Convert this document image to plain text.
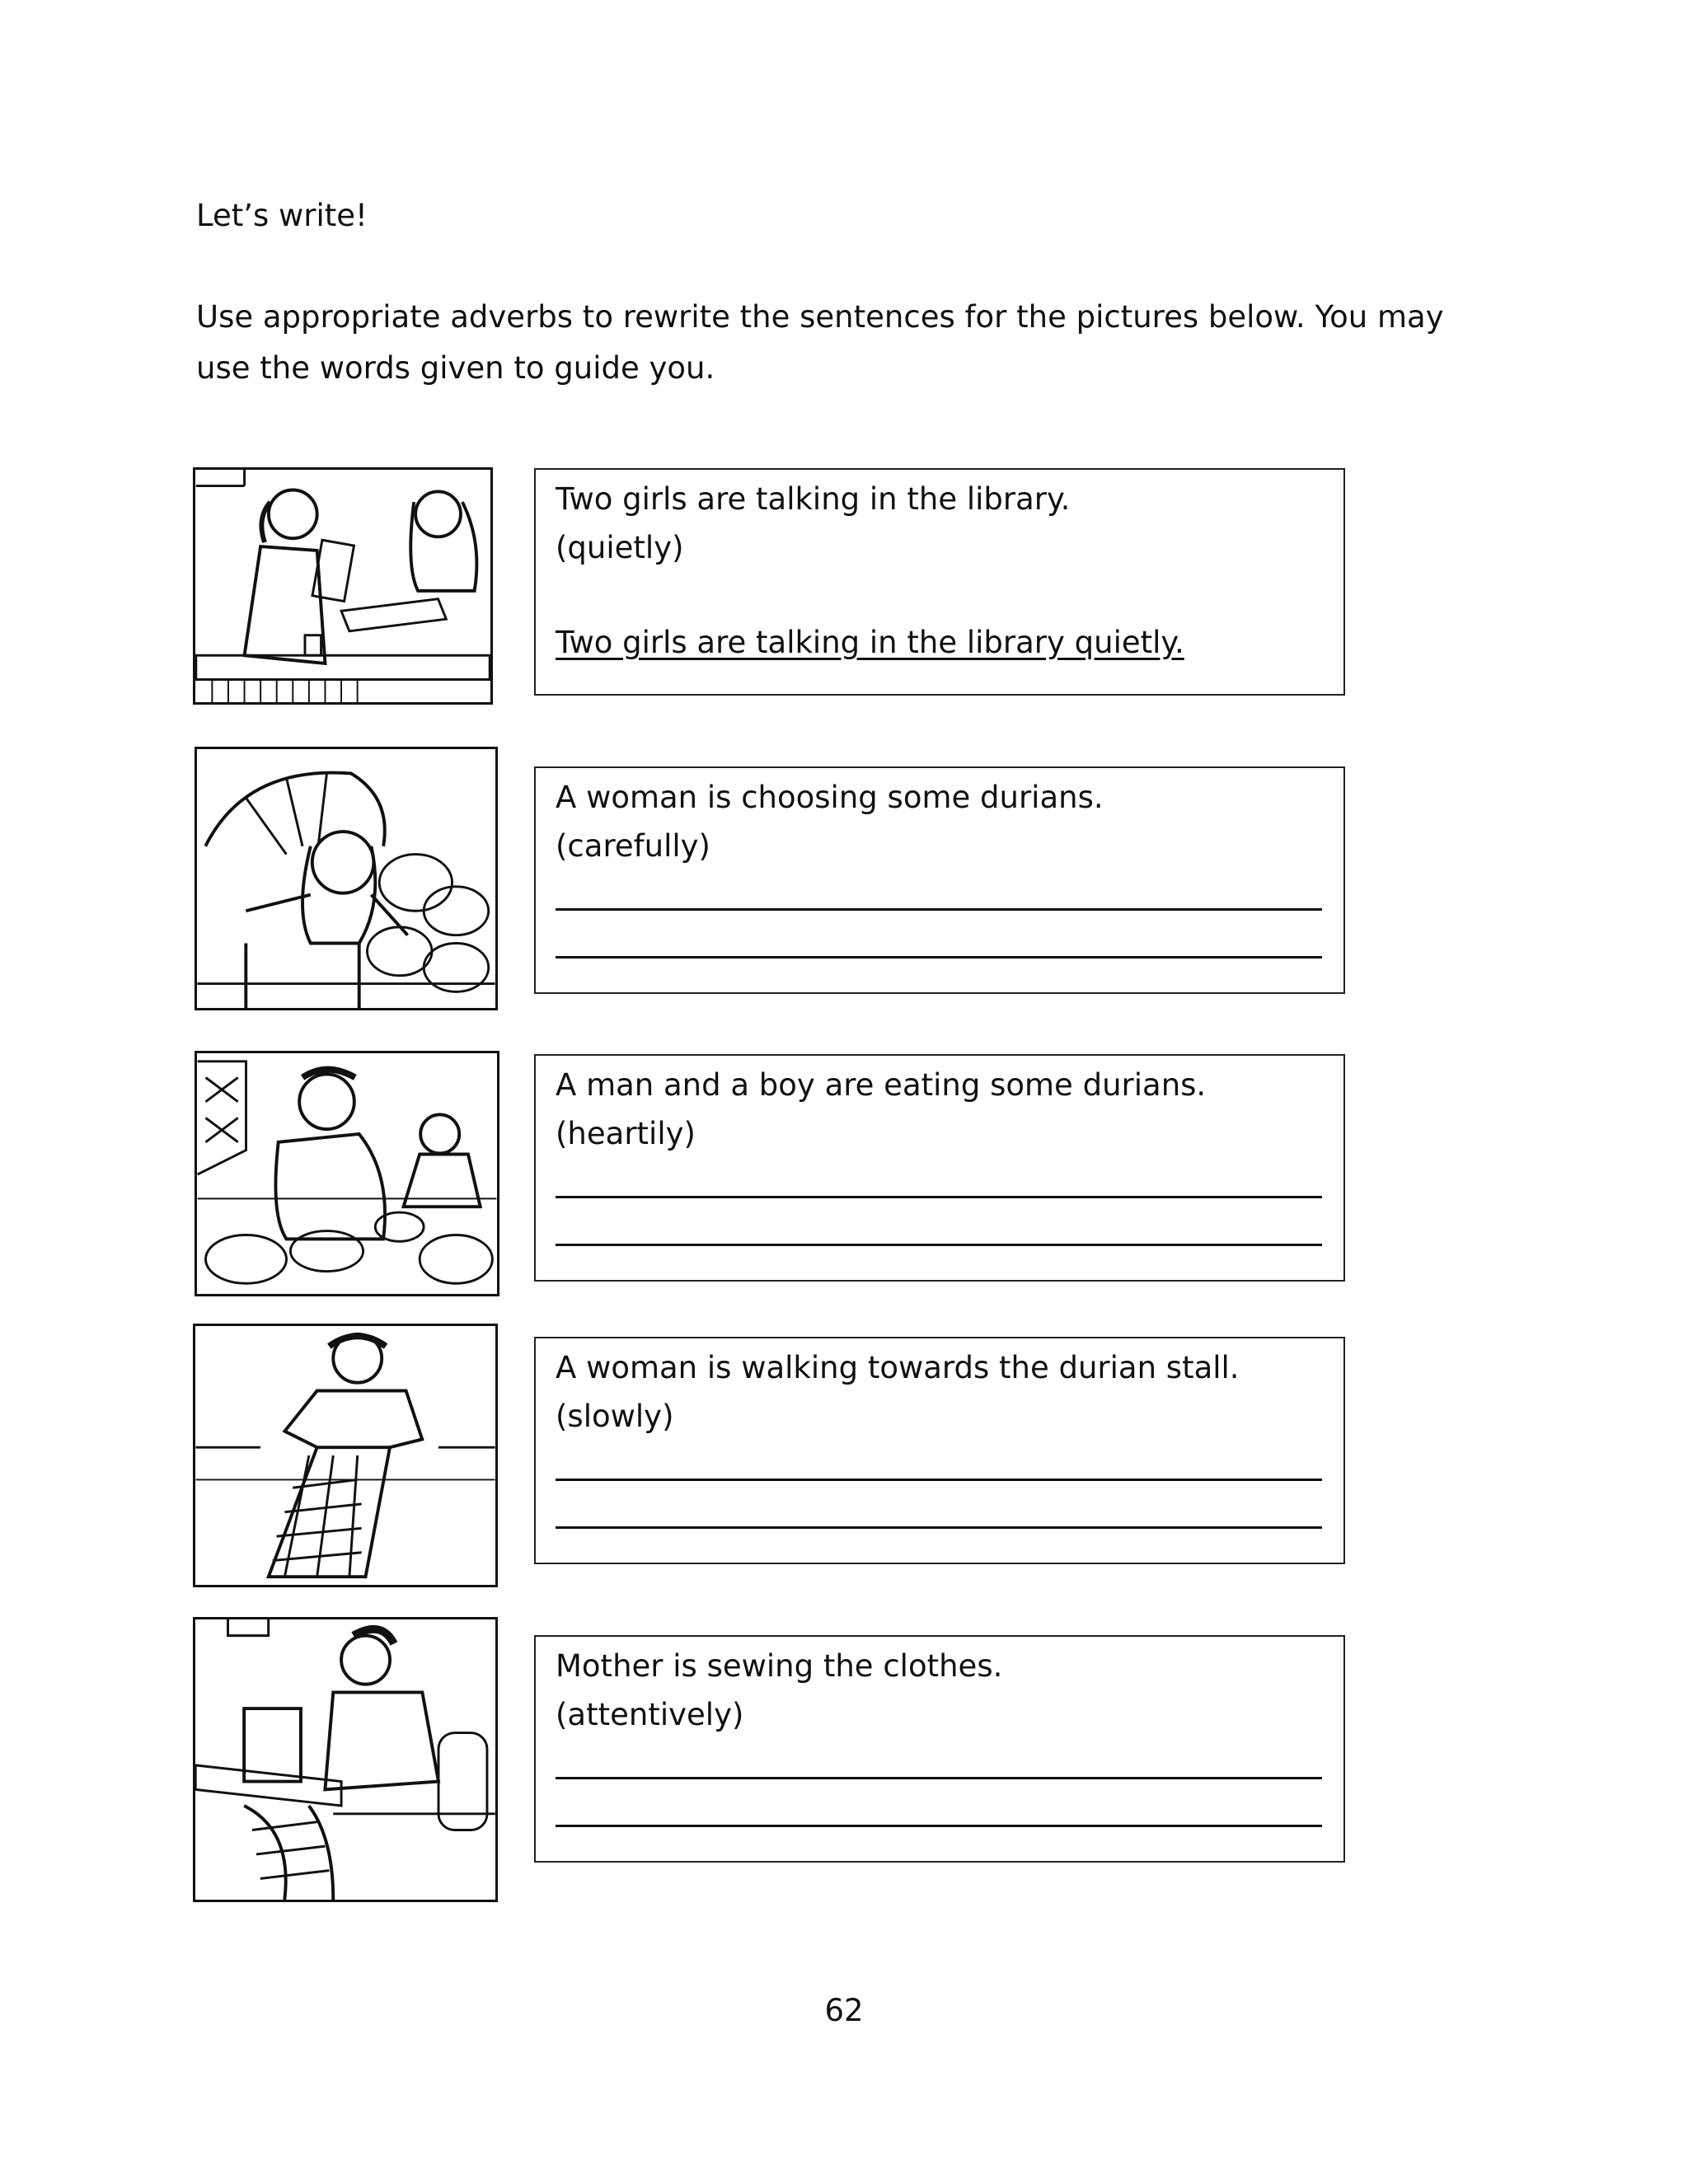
Let’s write!
Use appropriate adverbs to rewrite the sentences for the pictures below. You may use the words given to guide you.
Two girls are talking in the library.
(quietly)
Two girls are talking in the library quietly.
A woman is choosing some durians.
(carefully)
A man and a boy are eating some durians.
(heartily)
A woman is walking towards the durian stall.
(slowly)
Mother is sewing the clothes.
(attentively)
62
